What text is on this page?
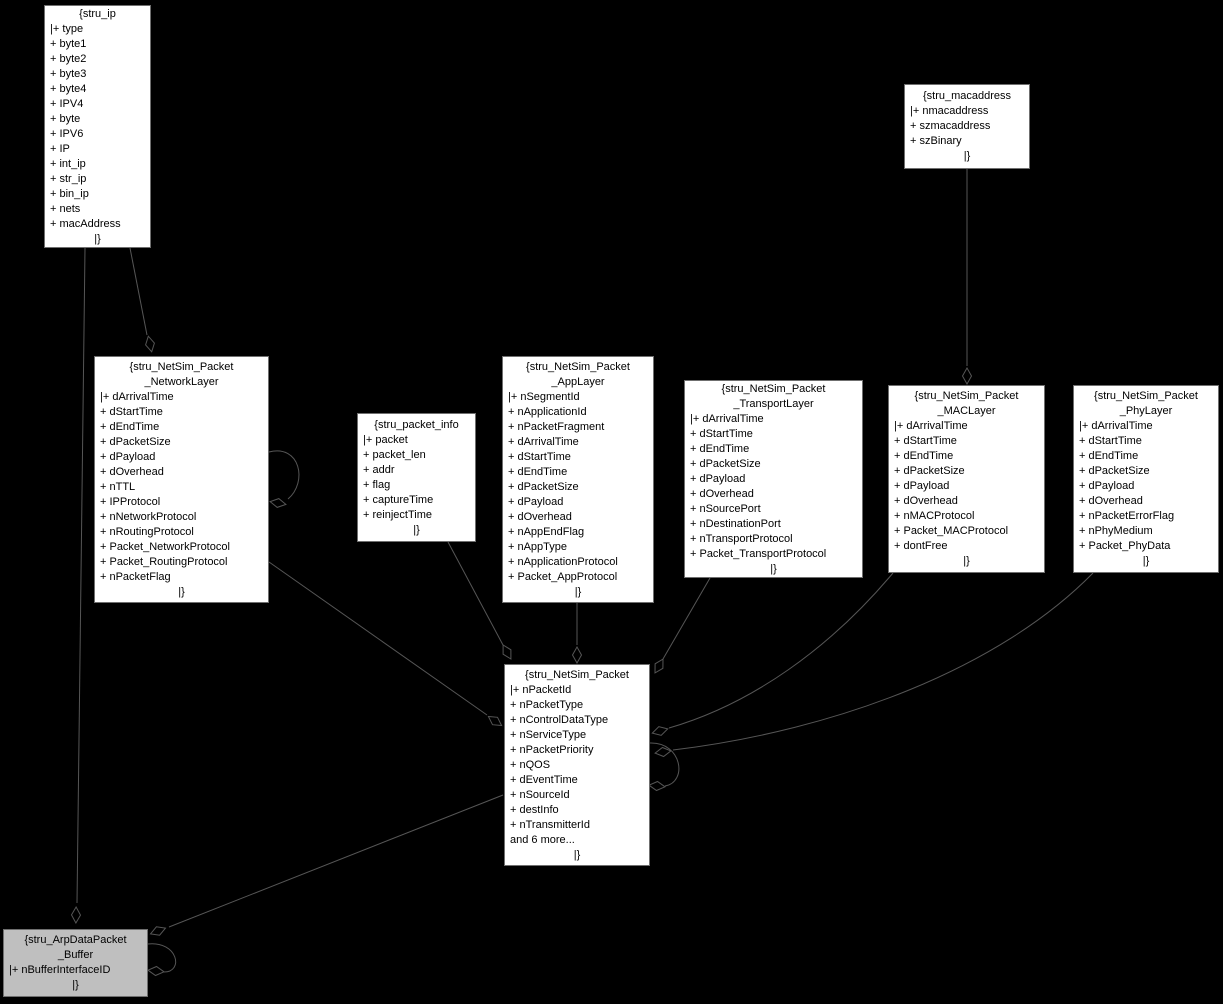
{stru_ip
|+ type
+ byte1
+ byte2
+ byte3
+ byte4
+ IPV4
+ byte
+ IPV6
+ IP
+ int_ip
+ str_ip
+ bin_ip
+ nets
+ macAddress
|}
{stru_macaddress
|+ nmacaddress
+ szmacaddress
+ szBinary
|}
{stru_NetSim_Packet
_NetworkLayer
|+ dArrivalTime
+ dStartTime
+ dEndTime
+ dPacketSize
+ dPayload
+ dOverhead
+ nTTL
+ IPProtocol
+ nNetworkProtocol
+ nRoutingProtocol
+ Packet_NetworkProtocol
+ Packet_RoutingProtocol
+ nPacketFlag
|}
{stru_packet_info
|+ packet
+ packet_len
+ addr
+ flag
+ captureTime
+ reinjectTime
|}
{stru_NetSim_Packet
_AppLayer
|+ nSegmentId
+ nApplicationId
+ nPacketFragment
+ dArrivalTime
+ dStartTime
+ dEndTime
+ dPacketSize
+ dPayload
+ dOverhead
+ nAppEndFlag
+ nAppType
+ nApplicationProtocol
+ Packet_AppProtocol
|}
{stru_NetSim_Packet
_TransportLayer
|+ dArrivalTime
+ dStartTime
+ dEndTime
+ dPacketSize
+ dPayload
+ dOverhead
+ nSourcePort
+ nDestinationPort
+ nTransportProtocol
+ Packet_TransportProtocol
|}
{stru_NetSim_Packet
_MACLayer
|+ dArrivalTime
+ dStartTime
+ dEndTime
+ dPacketSize
+ dPayload
+ dOverhead
+ nMACProtocol
+ Packet_MACProtocol
+ dontFree
|}
{stru_NetSim_Packet
_PhyLayer
|+ dArrivalTime
+ dStartTime
+ dEndTime
+ dPacketSize
+ dPayload
+ dOverhead
+ nPacketErrorFlag
+ nPhyMedium
+ Packet_PhyData
|}
{stru_NetSim_Packet
|+ nPacketId
+ nPacketType
+ nControlDataType
+ nServiceType
+ nPacketPriority
+ nQOS
+ dEventTime
+ nSourceId
+ destInfo
+ nTransmitterId
and 6 more...
|}
{stru_ArpDataPacket
_Buffer
|+ nBufferInterfaceID
|}
